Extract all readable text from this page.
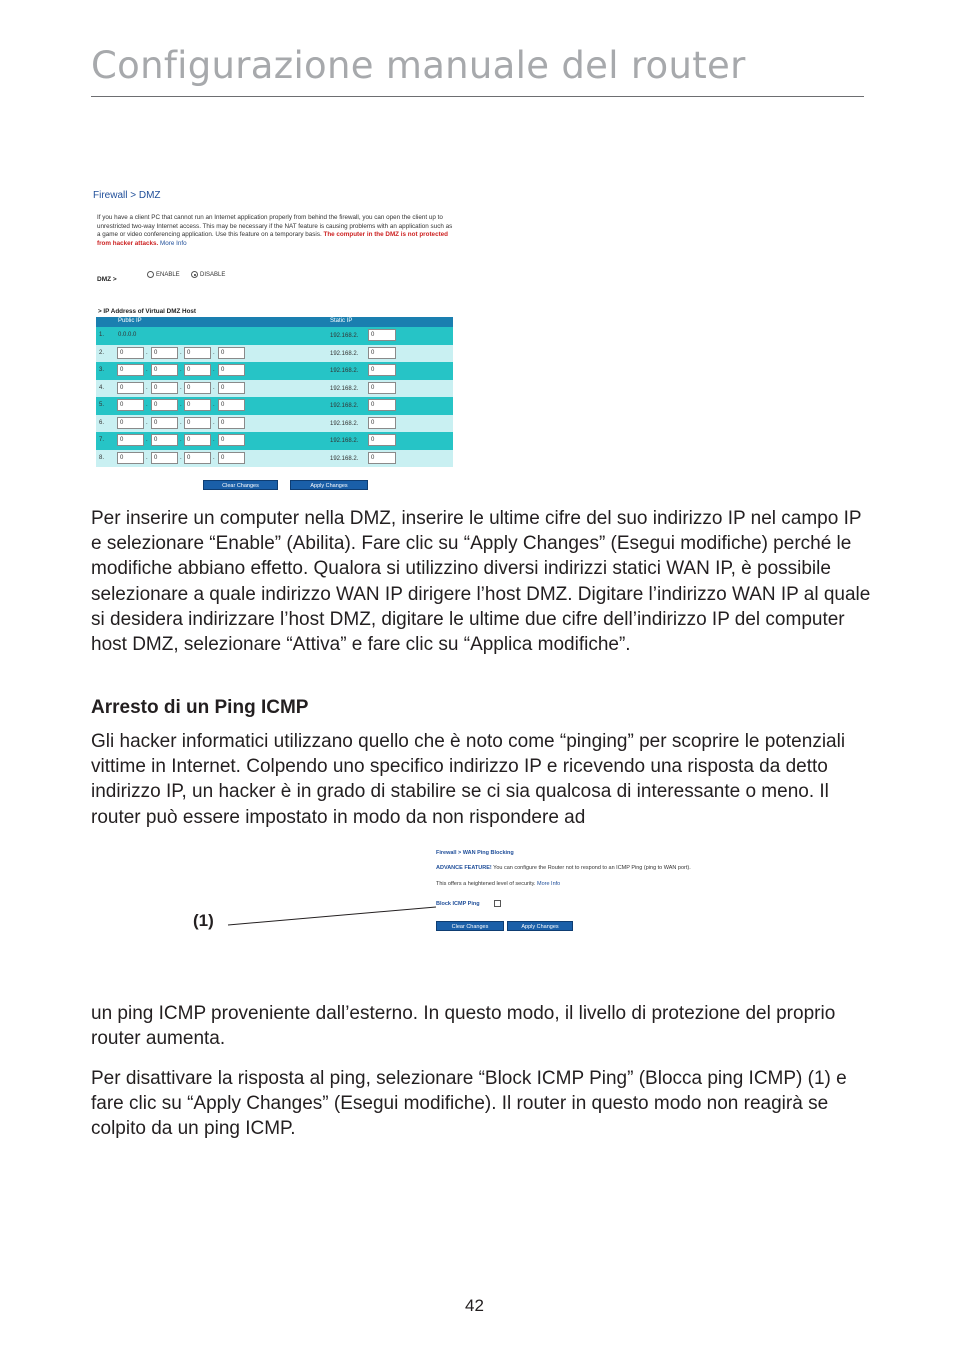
Configurazione manuale del router
Firewall > DMZ
If you have a client PC that cannot run an Internet application properly from behind the firewall, you can open the client up to unrestricted two-way Internet access. This may be necessary if the NAT feature is causing problems with an application such as a game or video conferencing application. Use this feature on a temporary basis. The computer in the DMZ is not protected from hacker attacks. More Info
DMZ >
ENABLE	DISABLE
> IP Address of Virtual DMZ Host
Public IP	Static IP
1. 0.0.0.0	192.168.2.	0
2.	0	.	0	. 0	.	0	192.168.2.	0
3.	0	.	0	. 0	.	0	192.168.2.	0
4.	0	.	0	. 0	.	0	192.168.2.	0
5.	0	.	0	. 0	.	0	192.168.2.	0
6.	0	.	0	. 0	.	0	192.168.2.	0
7.	0	.	0	. 0	.	0	192.168.2.	0
8.	0	.	0	. 0	.	0	192.168.2.	0
Clear Changes	Apply Changes
Per inserire un computer nella DMZ, inserire le ultime cifre del suo indirizzo IP nel campo IP e selezionare “Enable” (Abilita). Fare clic su “Apply Changes” (Esegui modifiche) perché le modifiche abbiano effetto. Qualora si utilizzino diversi indirizzi statici WAN IP, è possibile selezionare a quale indirizzo WAN IP dirigere l’host DMZ. Digitare l’indirizzo WAN IP al quale si desidera indirizzare l’host DMZ, digitare le ultime due cifre dell’indirizzo IP del computer host DMZ, selezionare “Attiva” e fare clic su “Applica modifiche”.
Arresto di un Ping ICMP
Gli hacker informatici utilizzano quello che è noto come “pinging” per scoprire le potenziali vittime in Internet. Colpendo uno specifico indirizzo IP e ricevendo una risposta da detto indirizzo IP, un hacker è in grado di stabilire se ci sia qualcosa di interessante o meno. Il router può essere impostato in modo da non rispondere ad
Firewall > WAN Ping Blocking
ADVANCE FEATURE! You can configure the Router not to respond to an ICMP Ping (ping to WAN port).
This offers a heightened level of security. More Info
Block ICMP Ping
Clear Changes	Apply Changes
(1)
un ping ICMP proveniente dall’esterno. In questo modo, il livello di protezione del proprio router aumenta.
Per disattivare la risposta al ping, selezionare “Block ICMP Ping” (Blocca ping ICMP) (1) e fare clic su “Apply Changes” (Esegui modifiche). Il router in questo modo non reagirà se colpito da un ping ICMP.
42
